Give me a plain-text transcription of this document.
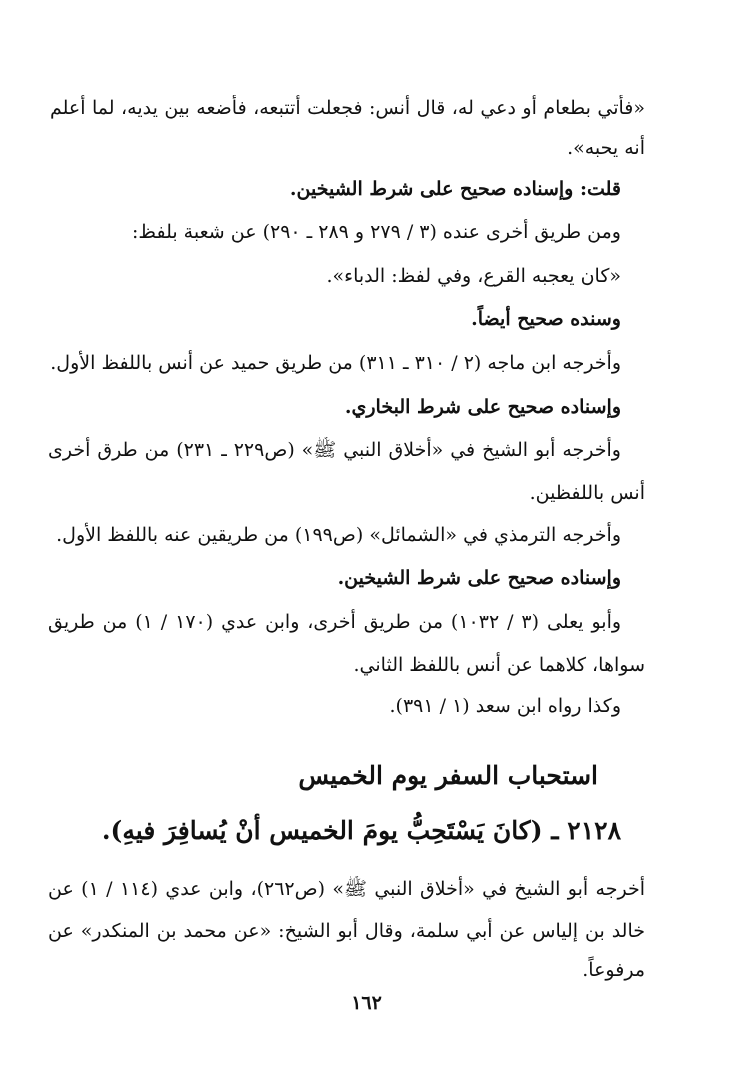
«فأتي بطعام أو دعي له، قال أنس: فجعلت أتتبعه، فأضعه بين يديه، لما أعلم
أنه يحبه».
قلت: وإسناده صحيح على شرط الشيخين.
ومن طريق أخرى عنده (٣ / ٢٧٩ و ٢٨٩ ـ ٢٩٠) عن شعبة بلفظ:
«كان يعجبه القرع، وفي لفظ: الدباء».
وسنده صحيح أيضاً.
وأخرجه ابن ماجه (٢ / ٣١٠ ـ ٣١١) من طريق حميد عن أنس باللفظ الأول.
وإسناده صحيح على شرط البخاري.
وأخرجه أبو الشيخ في «أخلاق النبي ﷺ» (ص٢٢٩ ـ ٢٣١) من طرق أخرى
أنس باللفظين.
وأخرجه الترمذي في «الشمائل» (ص١٩٩) من طريقين عنه باللفظ الأول.
وإسناده صحيح على شرط الشيخين.
وأبو يعلى (٣ / ١٠٣٢) من طريق أخرى، وابن عدي (١٧٠ / ١) من طريق
سواها، كلاهما عن أنس باللفظ الثاني.
وكذا رواه ابن سعد (١ / ٣٩١).
استحباب السفر يوم الخميس
٢١٢٨ ـ (كانَ يَسْتَحِبُّ يومَ الخميس أنْ يُسافِرَ فيهِ).
أخرجه أبو الشيخ في «أخلاق النبي ﷺ» (ص٢٦٢)، وابن عدي (١١٤ / ١) عن
خالد بن إلياس عن أبي سلمة، وقال أبو الشيخ: «عن محمد بن المنكدر» عن
مرفوعاً.
١٦٢
